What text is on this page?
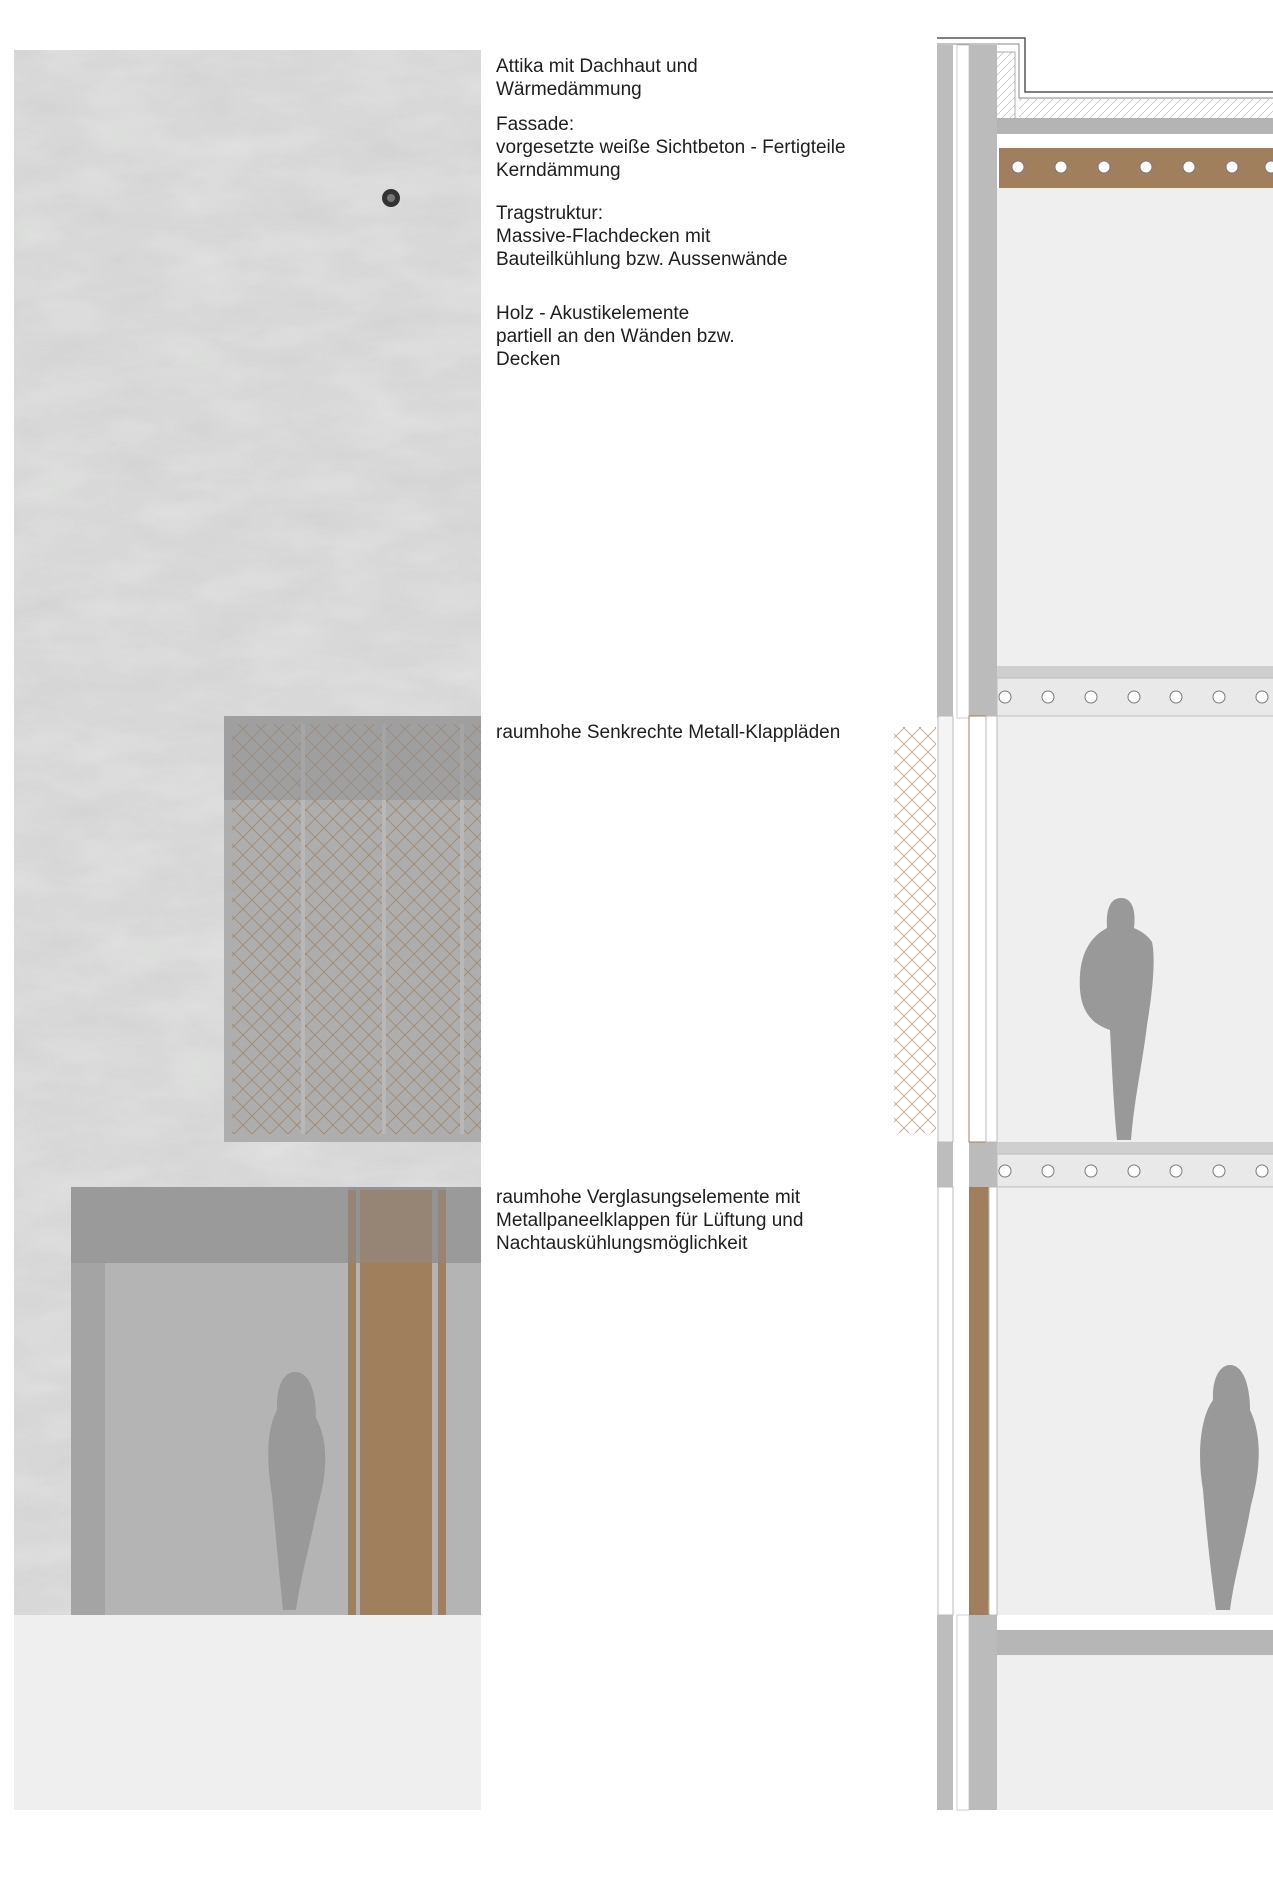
Attika mit Dachhaut und
Wärmedämmung
Fassade:
vorgesetzte weiße Sichtbeton - Fertigteile
Kerndämmung
Tragstruktur:
Massive-Flachdecken mit
Bauteilkühlung bzw. Aussenwände
Holz - Akustikelemente
partiell an den Wänden bzw.
Decken
raumhohe Senkrechte Metall-Klappläden
raumhohe Verglasungselemente mit
Metallpaneelklappen für Lüftung und
Nachtauskühlungsmöglichkeit
